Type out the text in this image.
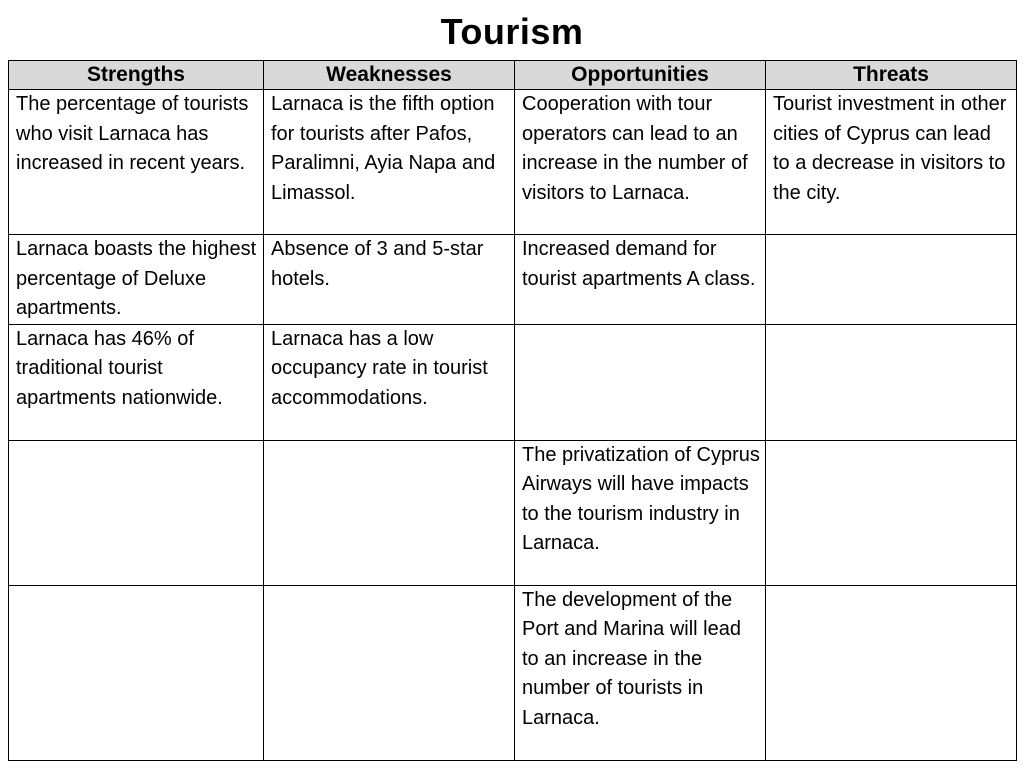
Tourism
Strengths	Weaknesses	Opportunities	Threats
The percentage of tourists who visit Larnaca has increased in recent years.	Larnaca is the fifth option for tourists after Pafos, Paralimni, Ayia Napa and Limassol.	Cooperation with tour operators can lead to an increase in the number of visitors to Larnaca.	Tourist investment in other cities of Cyprus can lead to a decrease in visitors to the city.
Larnaca boasts the highest percentage of Deluxe apartments.	Absence of 3 and 5-star hotels.	Increased demand for tourist apartments A class.	
Larnaca has 46% of traditional tourist apartments nationwide.	Larnaca has a low occupancy rate in tourist accommodations.		
		The privatization of Cyprus Airways will have impacts to the tourism industry in Larnaca.	
		The development of the Port and Marina will lead to an increase in the number of tourists in Larnaca.	
